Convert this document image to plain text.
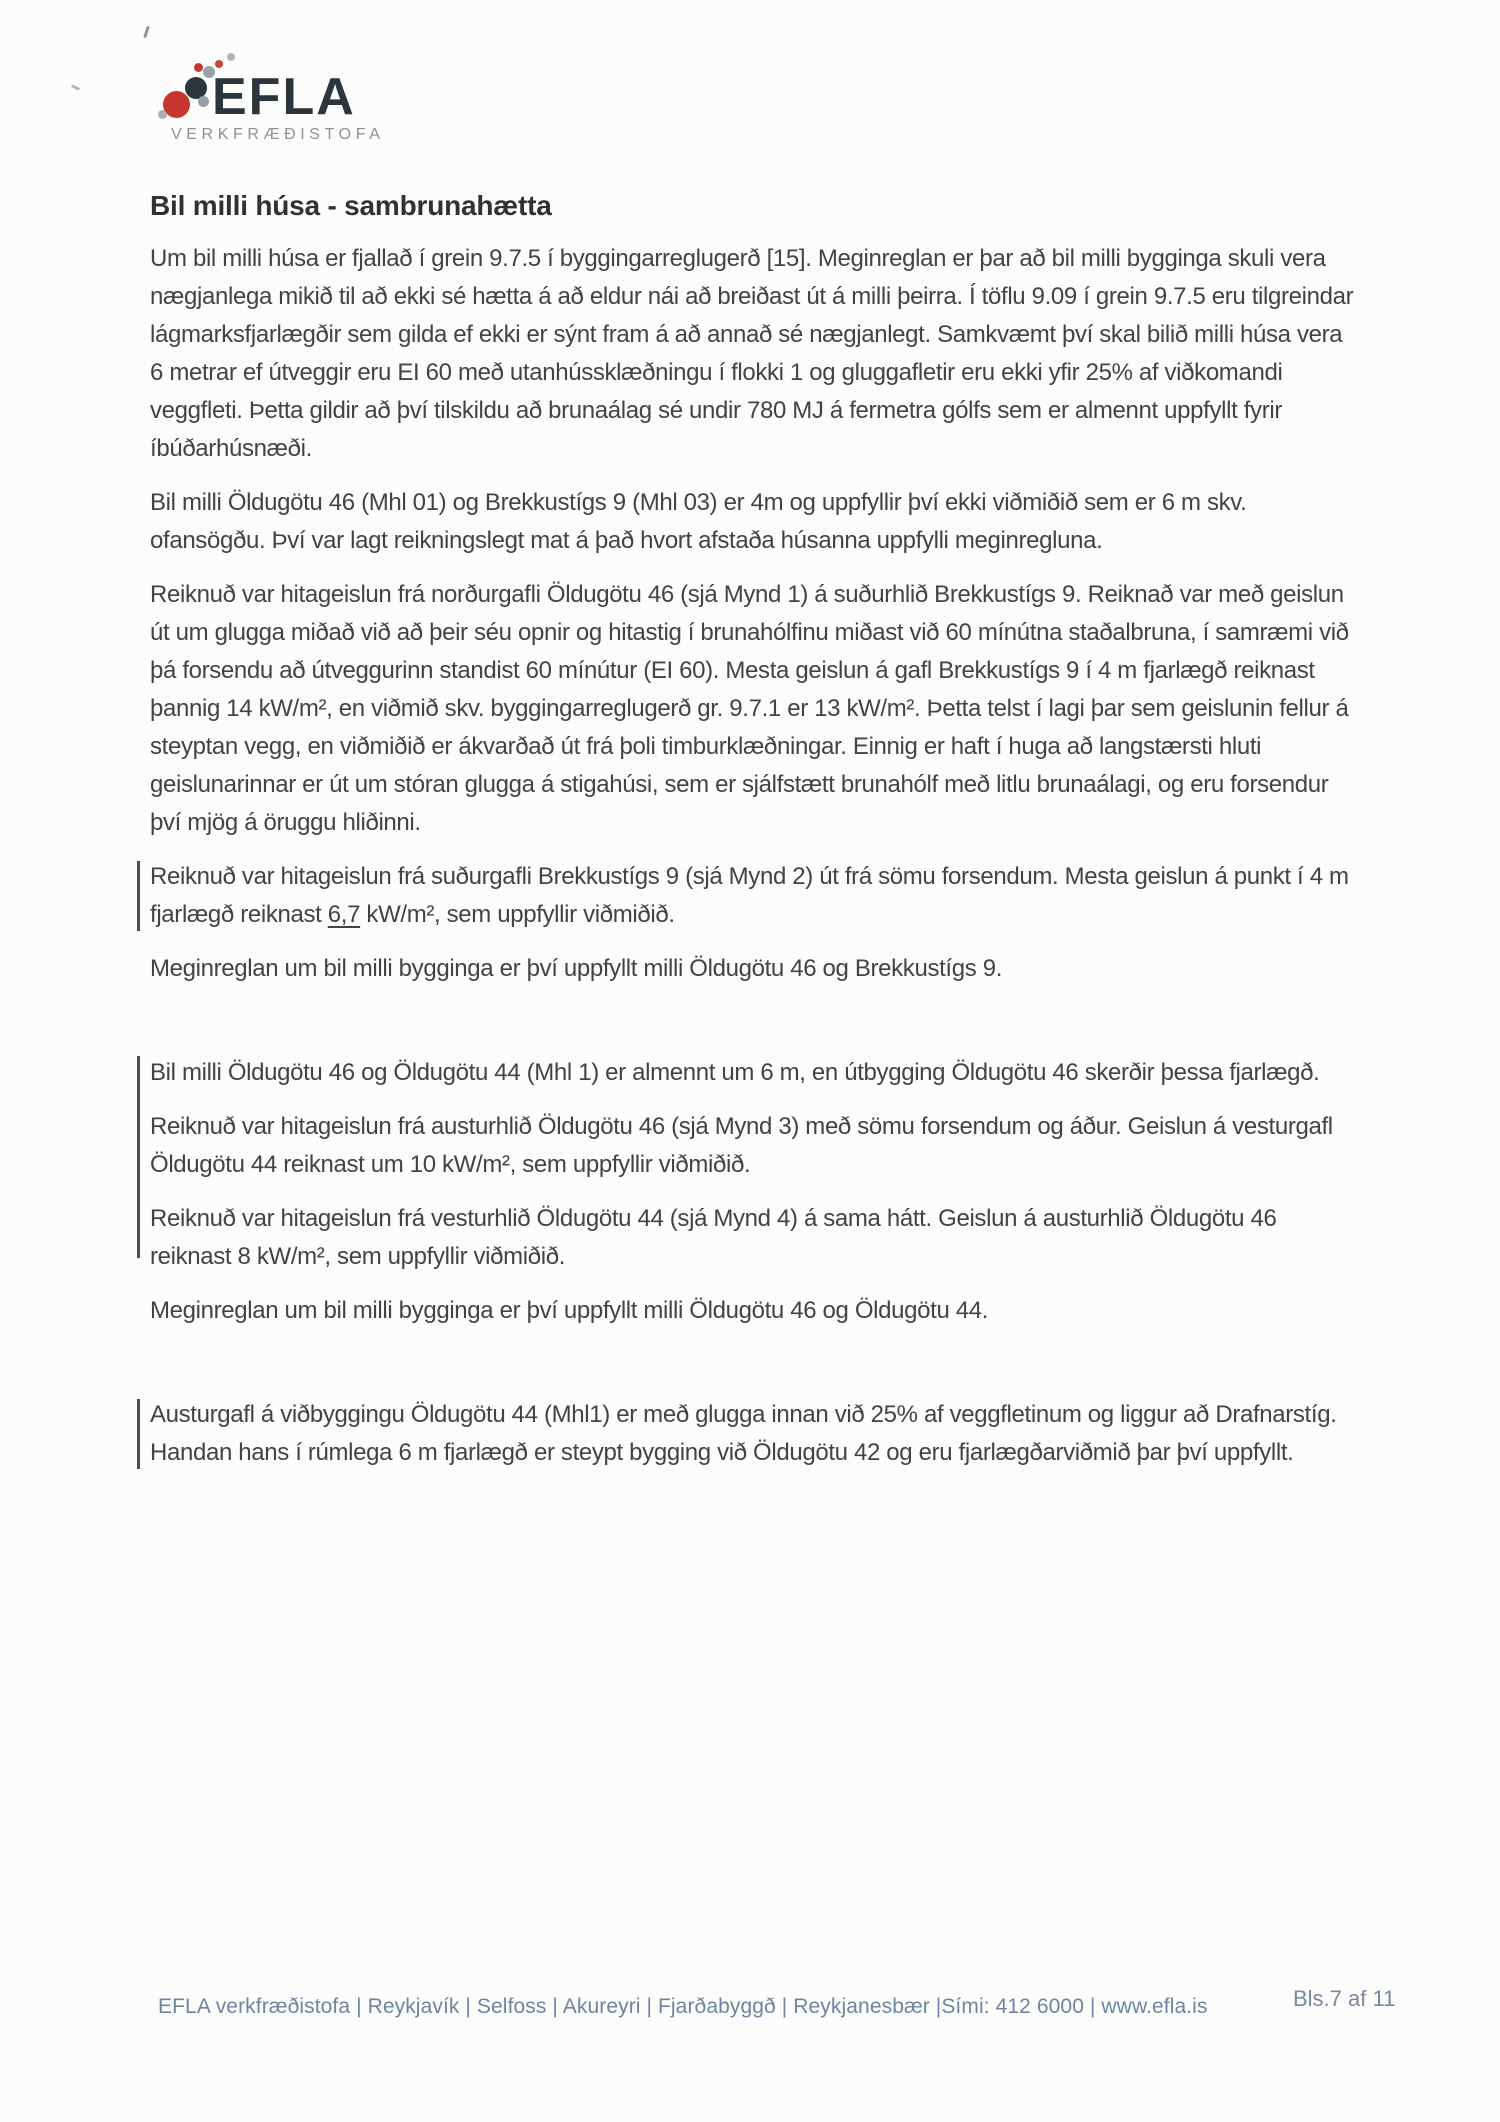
EFLA
VERKFRÆÐISTOFA
Bil milli húsa - sambrunahætta

Um bil milli húsa er fjallað í grein 9.7.5 í byggingarreglugerð [15]. Meginreglan er þar að bil milli bygginga skuli vera nægjanlega mikið til að ekki sé hætta á að eldur nái að breiðast út á milli þeirra. Í töflu 9.09 í grein 9.7.5 eru tilgreindar lágmarksfjarlægðir sem gilda ef ekki er sýnt fram á að annað sé nægjanlegt. Samkvæmt því skal bilið milli húsa vera 6 metrar ef útveggir eru EI 60 með utanhússklæðningu í flokki 1 og gluggafletir eru ekki yfir 25% af viðkomandi veggfleti. Þetta gildir að því tilskildu að brunaálag sé undir 780 MJ á fermetra gólfs sem er almennt uppfyllt fyrir íbúðarhúsnæði.

Bil milli Öldugötu 46 (Mhl 01) og Brekkustígs 9 (Mhl 03) er 4m og uppfyllir því ekki viðmiðið sem er 6 m skv. ofansögðu. Því var lagt reikningslegt mat á það hvort afstaða húsanna uppfylli meginregluna.

Reiknuð var hitageislun frá norðurgafli Öldugötu 46 (sjá Mynd 1) á suðurhlið Brekkustígs 9. Reiknað var með geislun út um glugga miðað við að þeir séu opnir og hitastig í brunahólfinu miðast við 60 mínútna staðalbruna, í samræmi við þá forsendu að útveggurinn standist 60 mínútur (EI 60). Mesta geislun á gafl Brekkustígs 9 í 4 m fjarlægð reiknast þannig 14 kW/m², en viðmið skv. byggingarreglugerð gr. 9.7.1 er 13 kW/m². Þetta telst í lagi þar sem geislunin fellur á steyptan vegg, en viðmiðið er ákvarðað út frá þoli timburklæðningar. Einnig er haft í huga að langstærsti hluti geislunarinnar er út um stóran glugga á stigahúsi, sem er sjálfstætt brunahólf með litlu brunaálagi, og eru forsendur því mjög á öruggu hliðinni.

Reiknuð var hitageislun frá suðurgafli Brekkustígs 9 (sjá Mynd 2) út frá sömu forsendum. Mesta geislun á punkt í 4 m fjarlægð reiknast 6,7 kW/m², sem uppfyllir viðmiðið.

Meginreglan um bil milli bygginga er því uppfyllt milli Öldugötu 46 og Brekkustígs 9.

Bil milli Öldugötu 46 og Öldugötu 44 (Mhl 1) er almennt um 6 m, en útbygging Öldugötu 46 skerðir þessa fjarlægð.

Reiknuð var hitageislun frá austurhlið Öldugötu 46 (sjá Mynd 3) með sömu forsendum og áður. Geislun á vesturgafl Öldugötu 44 reiknast um 10 kW/m², sem uppfyllir viðmiðið.

Reiknuð var hitageislun frá vesturhlið Öldugötu 44 (sjá Mynd 4) á sama hátt. Geislun á austurhlið Öldugötu 46 reiknast 8 kW/m², sem uppfyllir viðmiðið.

Meginreglan um bil milli bygginga er því uppfyllt milli Öldugötu 46 og Öldugötu 44.

Austurgafl á viðbyggingu Öldugötu 44 (Mhl1) er með glugga innan við 25% af veggfletinum og liggur að Drafnarstíg. Handan hans í rúmlega 6 m fjarlægð er steypt bygging við Öldugötu 42 og eru fjarlægðarviðmið þar því uppfyllt.

EFLA verkfræðistofa | Reykjavík | Selfoss | Akureyri | Fjarðabyggð | Reykjanesbær |Sími: 412 6000 | www.efla.is	Bls.7 af 11
